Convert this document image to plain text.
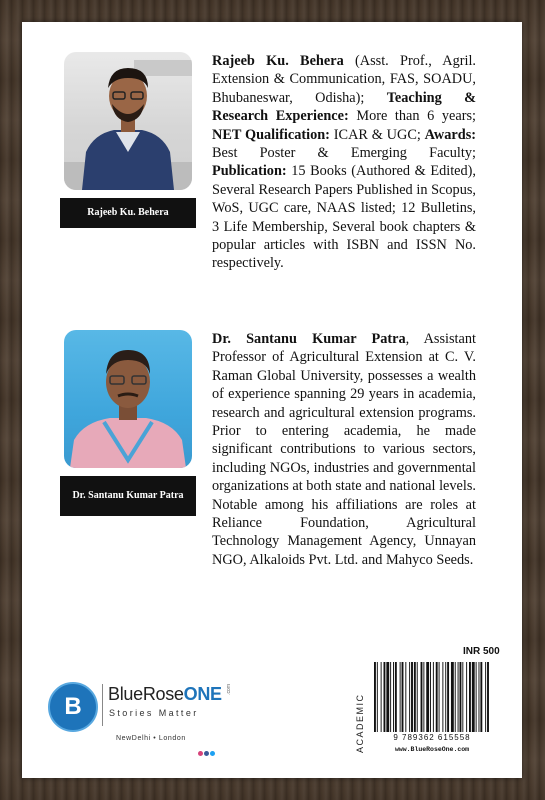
Rajeeb Ku. Behera
Rajeeb Ku. Behera (Asst. Prof., Agril. Extension & Communication, FAS, SOADU, Bhubaneswar, Odisha); Teaching & Research Experience: More than 6 years; NET Qualification: ICAR & UGC; Awards: Best Poster & Emerging Faculty; Publication: 15 Books (Authored & Edited), Several Research Papers Published in Scopus, WoS, UGC care, NAAS listed; 12 Bulletins, 3 Life Membership, Several book chapters & popular articles with ISBN and ISSN No. respectively.
Dr. Santanu Kumar Patra
Dr. Santanu Kumar Patra, Assistant Professor of Agricultural Extension at C. V. Raman Global University, possesses a wealth of experience spanning 29 years in academia, research and agricultural extension programs. Prior to entering academia, he made significant contributions to various sectors, including NGOs, industries and governmental organizations at both state and national levels. Notable among his affiliations are roles at Reliance Foundation, Agricultural Technology Management Agency, Unnayan NGO, Alkaloids Pvt. Ltd. and Mahyco Seeds.
B	BlueRoseONE .com
Stories Matter
NewDelhi • London
INR 500
ACADEMIC	9 789362 615558
www.BlueRoseOne.com
